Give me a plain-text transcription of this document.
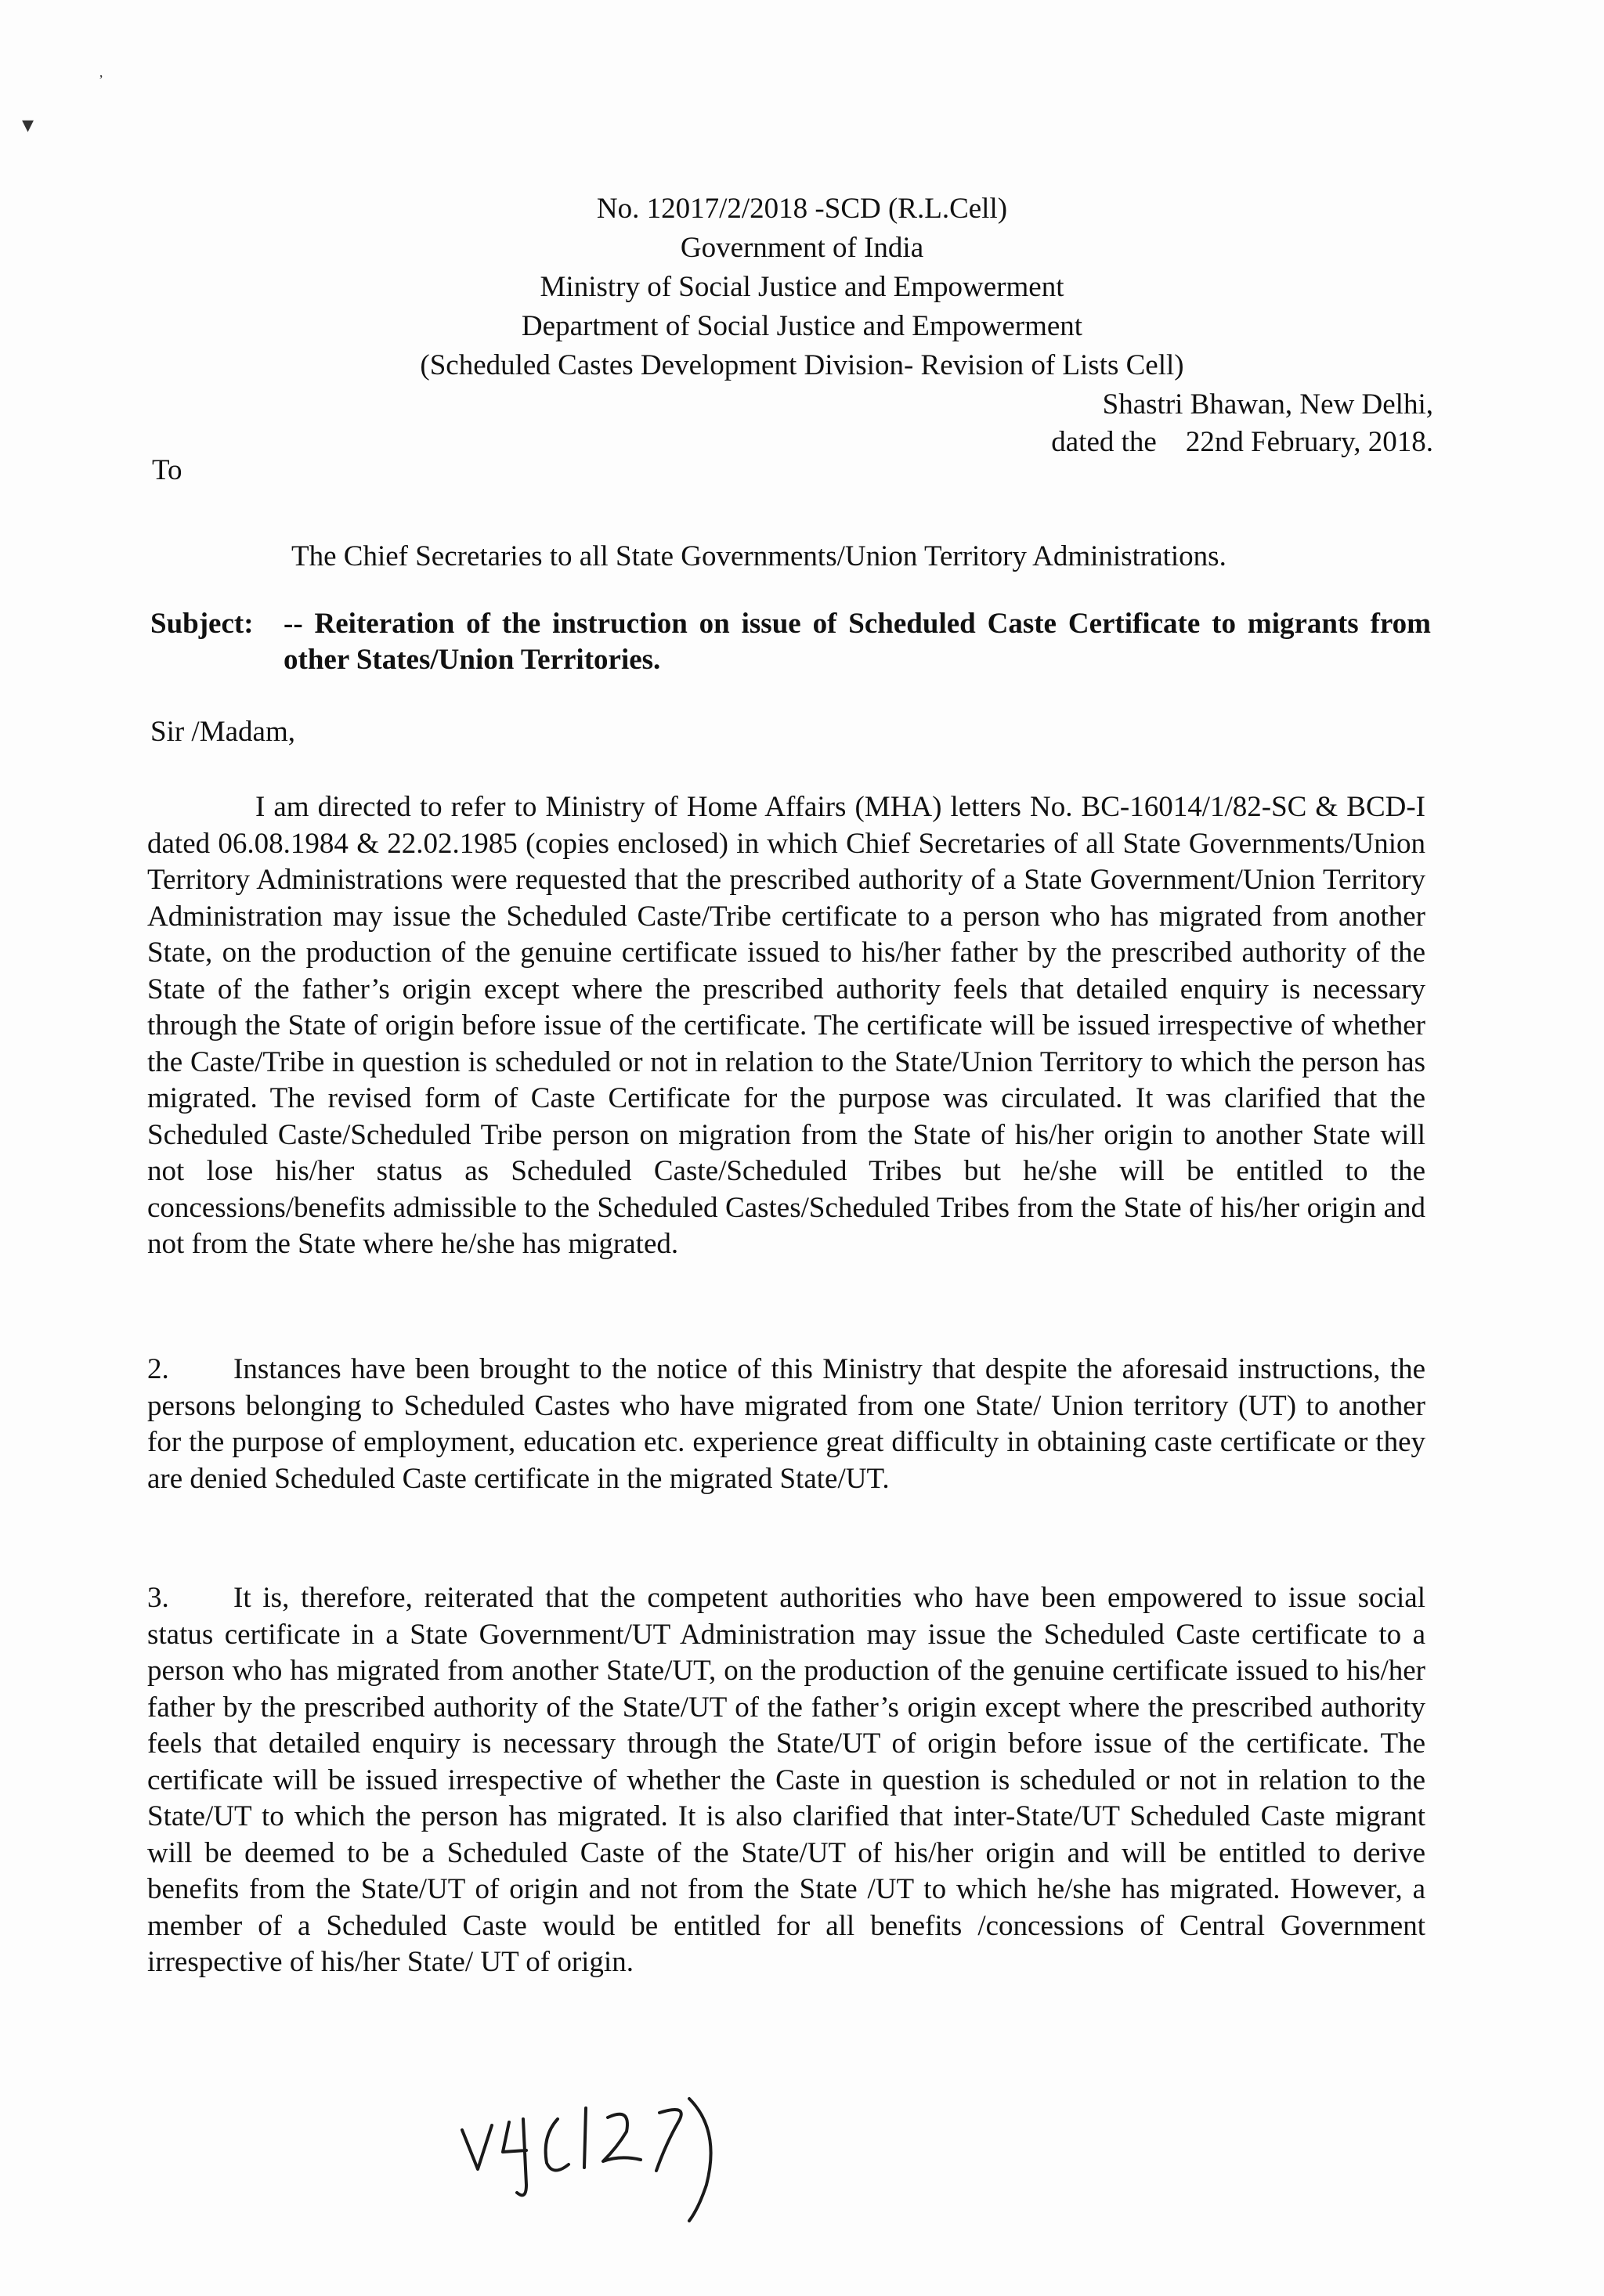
▾
’
No. 12017/2/2018 -SCD (R.L.Cell)
Government of India
Ministry of Social Justice and Empowerment
Department of Social Justice and Empowerment
(Scheduled Castes Development Division- Revision of Lists Cell)
Shastri Bhawan, New Delhi,
dated the    22nd February, 2018.
To
The Chief Secretaries to all State Governments/Union Territory Administrations.
Subject: -- Reiteration of the instruction on issue of Scheduled Caste Certificate to migrants from other States/Union Territories.
Sir /Madam,
I am directed to refer to Ministry of Home Affairs (MHA) letters No. BC-16014/1/82-SC & BCD-I dated 06.08.1984 & 22.02.1985 (copies enclosed) in which Chief Secretaries of all State Governments/Union Territory Administrations were requested that the prescribed authority of a State Government/Union Territory Administration may issue the Scheduled Caste/Tribe certificate to a person who has migrated from another State, on the production of the genuine certificate issued to his/her father by the prescribed authority of the State of the father’s origin except where the prescribed authority feels that detailed enquiry is necessary through the State of origin before issue of the certificate. The certificate will be issued irrespective of whether the Caste/Tribe in question is scheduled or not in relation to the State/Union Territory to which the person has migrated. The revised form of Caste Certificate for the purpose was circulated. It was clarified that the Scheduled Caste/Scheduled Tribe person on migration from the State of his/her origin to another State will not lose his/her status as Scheduled Caste/Scheduled Tribes but he/she will be entitled to the concessions/benefits admissible to the Scheduled Castes/Scheduled Tribes from the State of his/her origin and not from the State where he/she has migrated.
2. Instances have been brought to the notice of this Ministry that despite the aforesaid instructions, the persons belonging to Scheduled Castes who have migrated from one State/ Union territory (UT) to another for the purpose of employment, education etc. experience great difficulty in obtaining caste certificate or they are denied Scheduled Caste certificate in the migrated State/UT.
3. It is, therefore, reiterated that the competent authorities who have been empowered to issue social status certificate in a State Government/UT Administration may issue the Scheduled Caste certificate to a person who has migrated from another State/UT, on the production of the genuine certificate issued to his/her father by the prescribed authority of the State/UT of the father’s origin except where the prescribed authority feels that detailed enquiry is necessary through the State/UT of origin before issue of the certificate. The certificate will be issued irrespective of whether the Caste in question is scheduled or not in relation to the State/UT to which the person has migrated. It is also clarified that inter-State/UT Scheduled Caste migrant will be deemed to be a Scheduled Caste of the State/UT of his/her origin and will be entitled to derive benefits from the State/UT of origin and not from the State /UT to which he/she has migrated. However, a member of a Scheduled Caste would be entitled for all benefits /concessions of Central Government irrespective of his/her State/ UT of origin.
